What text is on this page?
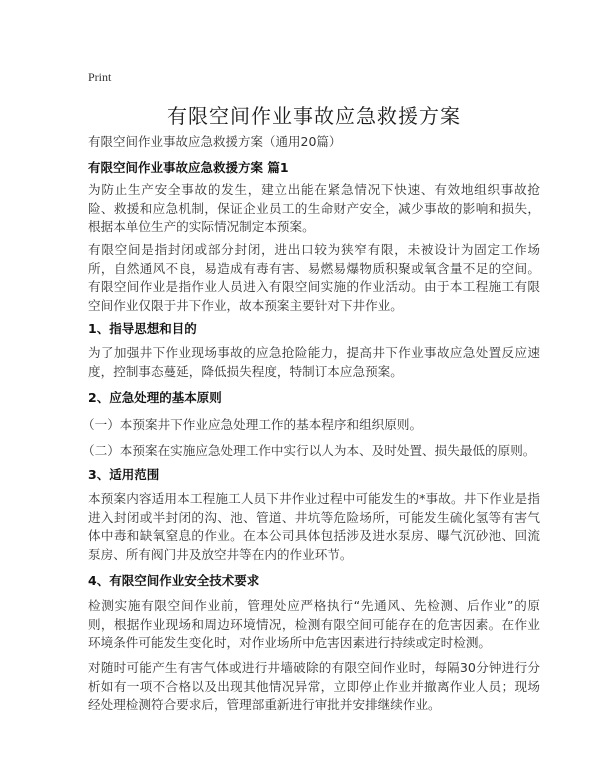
Print
有限空间作业事故应急救援方案
有限空间作业事故应急救援方案（通用20篇）
有限空间作业事故应急救援方案 篇1
为防止生产安全事故的发生，建立出能在紧急情况下快速、有效地组织事故抢险、救援和应急机制，保证企业员工的生命财产安全，减少事故的影响和损失，根据本单位生产的实际情况制定本预案。
有限空间是指封闭或部分封闭，进出口较为狭窄有限，未被设计为固定工作场所，自然通风不良，易造成有毒有害、易燃易爆物质积聚或氧含量不足的空间。有限空间作业是指作业人员进入有限空间实施的作业活动。由于本工程施工有限空间作业仅限于井下作业，故本预案主要针对下井作业。
1、指导思想和目的
为了加强井下作业现场事故的应急抢险能力，提高井下作业事故应急处置反应速度，控制事态蔓延，降低损失程度，特制订本应急预案。
2、应急处理的基本原则
（一）本预案井下作业应急处理工作的基本程序和组织原则。
（二）本预案在实施应急处理工作中实行以人为本、及时处置、损失最低的原则。
3、适用范围
本预案内容适用本工程施工人员下井作业过程中可能发生的*事故。井下作业是指进入封闭或半封闭的沟、池、管道、井坑等危险场所，可能发生硫化氢等有害气体中毒和缺氧窒息的作业。在本公司具体包括涉及进水泵房、曝气沉砂池、回流泵房、所有阀门井及放空井等在内的作业环节。
4、有限空间作业安全技术要求
检测实施有限空间作业前，管理处应严格执行“先通风、先检测、后作业”的原则，根据作业现场和周边环境情况，检测有限空间可能存在的危害因素。在作业环境条件可能发生变化时，对作业场所中危害因素进行持续或定时检测。
对随时可能产生有害气体或进行井墙破除的有限空间作业时，每隔30分钟进行分析如有一项不合格以及出现其他情况异常，立即停止作业并撤离作业人员；现场经处理检测符合要求后，管理部重新进行审批并安排继续作业。
